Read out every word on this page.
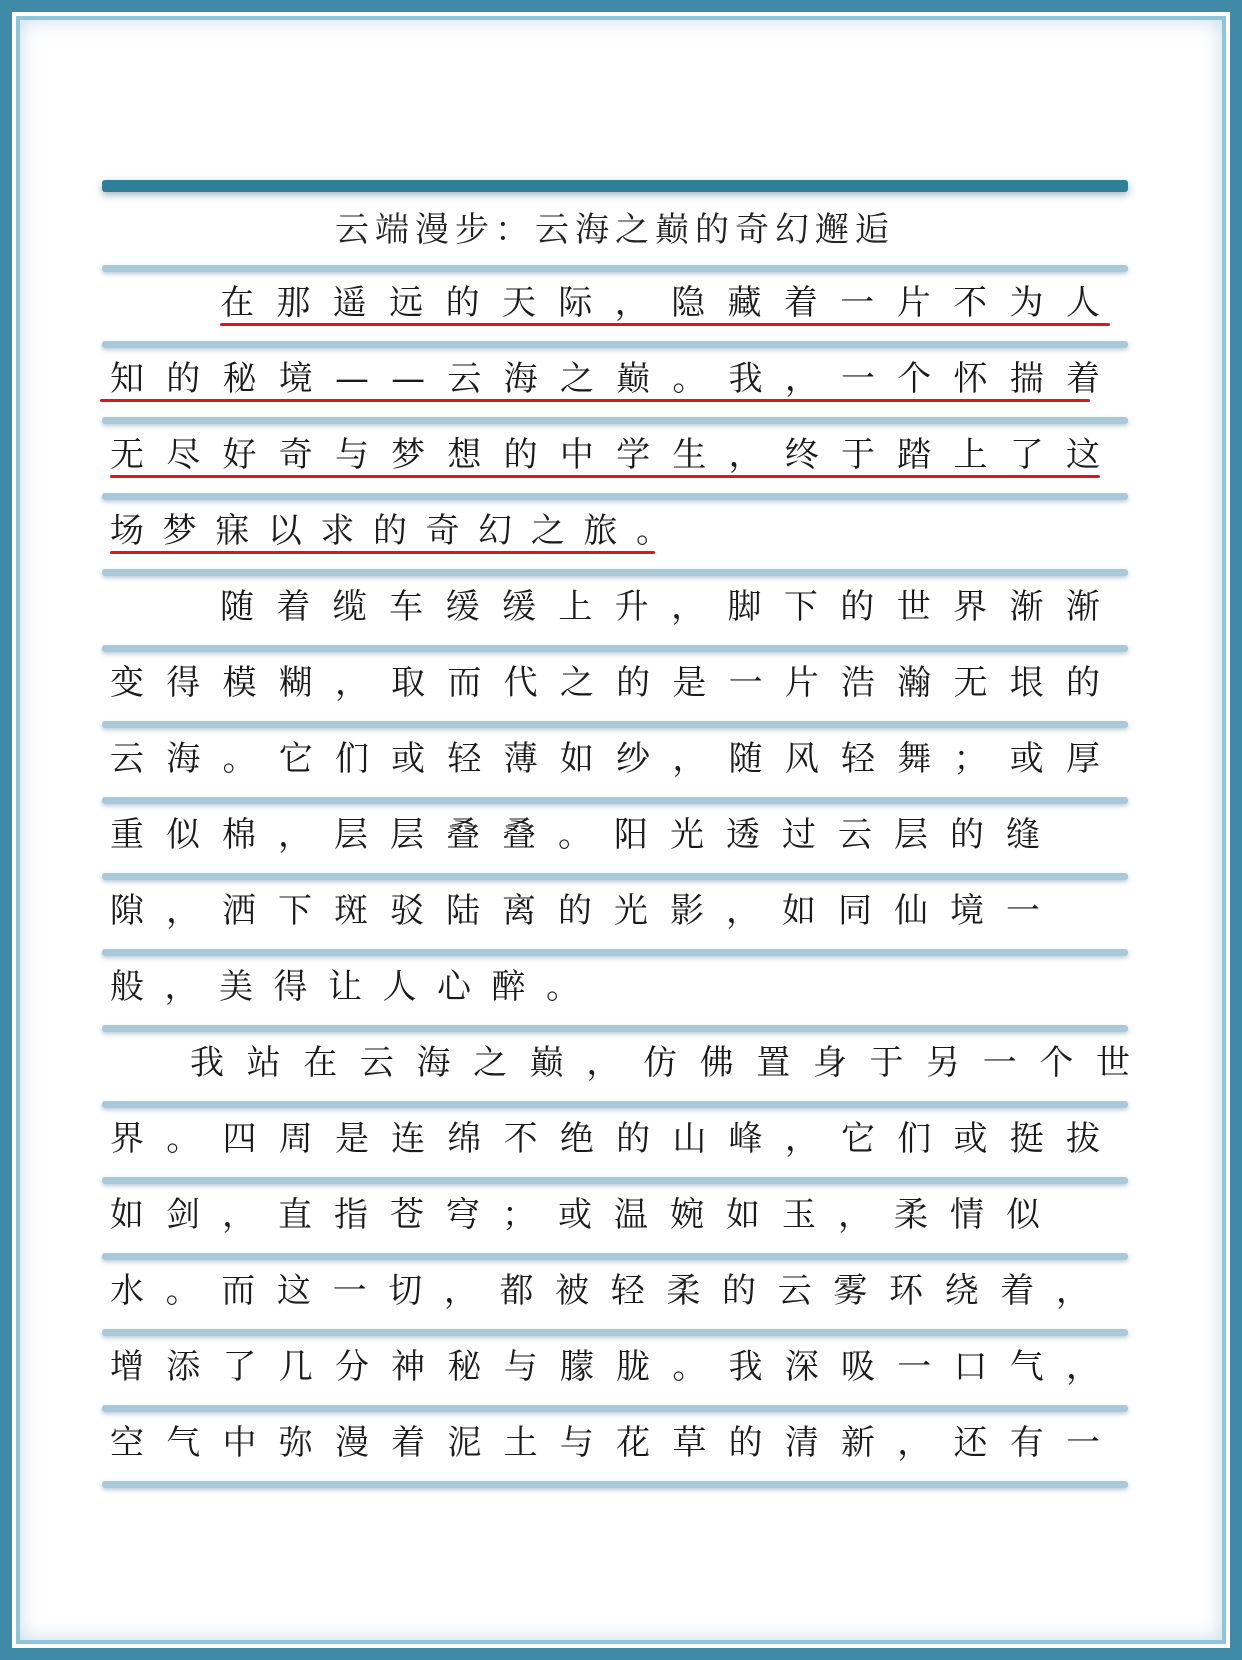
云端漫步：云海之巅的奇幻邂逅
在 那 遥 远 的 天 际 ， 隐 藏 着 一 片 不 为 人
知 的 秘 境 — — 云 海 之 巅 。 我 ， 一 个 怀 揣 着
无 尽 好 奇 与 梦 想 的 中 学 生 ， 终 于 踏 上 了 这
场 梦 寐 以 求 的 奇 幻 之 旅 。
随 着 缆 车 缓 缓 上 升 ， 脚 下 的 世 界 渐 渐
变 得 模 糊 ， 取 而 代 之 的 是 一 片 浩 瀚 无 垠 的
云 海 。 它 们 或 轻 薄 如 纱 ， 随 风 轻 舞 ； 或 厚
重 似 棉 ， 层 层 叠 叠 。 阳 光 透 过 云 层 的 缝
隙 ， 洒 下 斑 驳 陆 离 的 光 影 ， 如 同 仙 境 一
般 ， 美 得 让 人 心 醉 。
我 站 在 云 海 之 巅 ， 仿 佛 置 身 于 另 一 个 世
界 。 四 周 是 连 绵 不 绝 的 山 峰 ， 它 们 或 挺 拔
如 剑 ， 直 指 苍 穹 ； 或 温 婉 如 玉 ， 柔 情 似
水 。 而 这 一 切 ， 都 被 轻 柔 的 云 雾 环 绕 着 ，
增 添 了 几 分 神 秘 与 朦 胧 。 我 深 吸 一 口 气 ，
空 气 中 弥 漫 着 泥 土 与 花 草 的 清 新 ， 还 有 一
